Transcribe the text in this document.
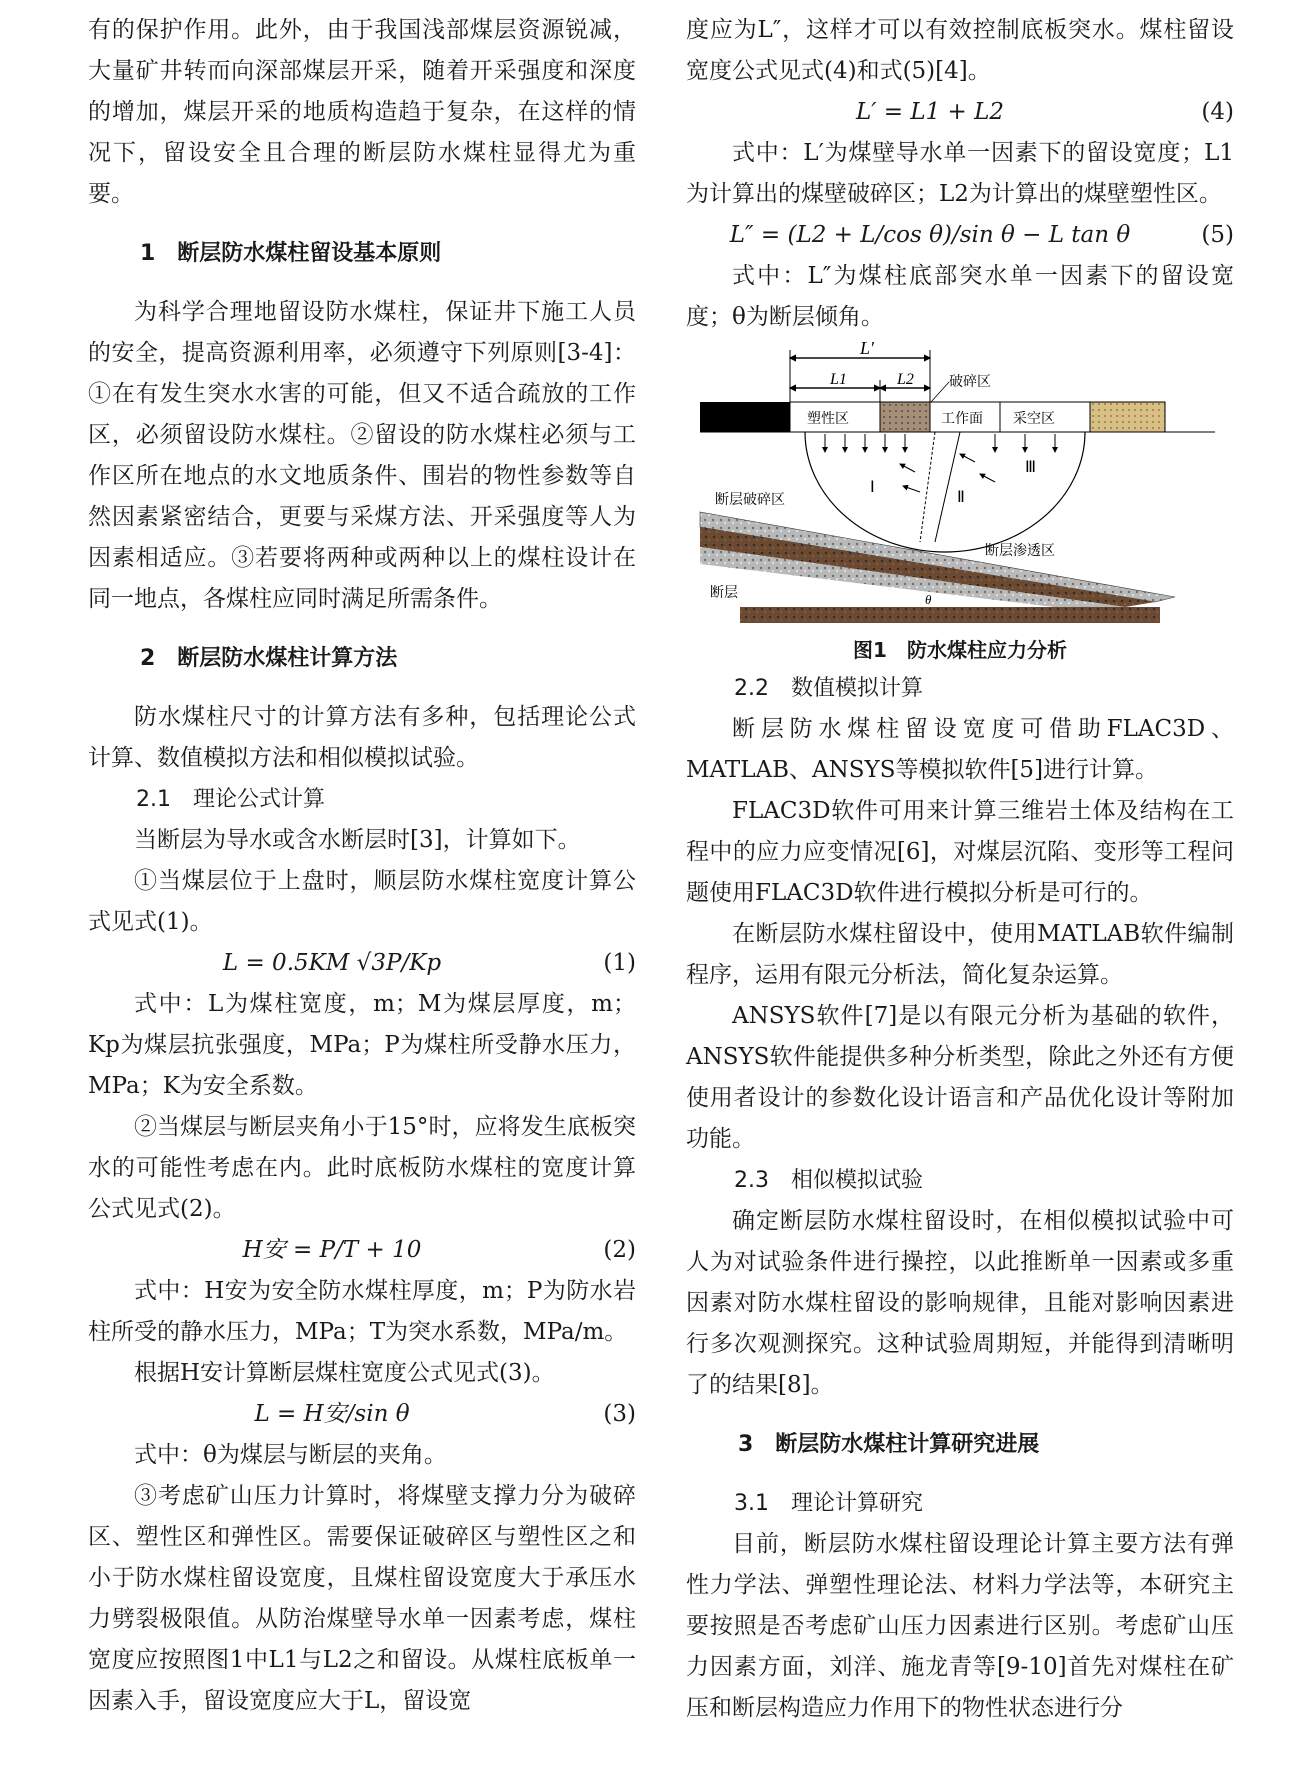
有的保护作用。此外，由于我国浅部煤层资源锐减，大量矿井转而向深部煤层开采，随着开采强度和深度的增加，煤层开采的地质构造趋于复杂，在这样的情况下，留设安全且合理的断层防水煤柱显得尤为重要。

1　断层防水煤柱留设基本原则

为科学合理地留设防水煤柱，保证井下施工人员的安全，提高资源利用率，必须遵守下列原则[3-4]：①在有发生突水水害的可能，但又不适合疏放的工作区，必须留设防水煤柱。②留设的防水煤柱必须与工作区所在地点的水文地质条件、围岩的物性参数等自然因素紧密结合，更要与采煤方法、开采强度等人为因素相适应。③若要将两种或两种以上的煤柱设计在同一地点，各煤柱应同时满足所需条件。

2　断层防水煤柱计算方法

防水煤柱尺寸的计算方法有多种，包括理论公式计算、数值模拟方法和相似模拟试验。

2.1　理论公式计算

当断层为导水或含水断层时[3]，计算如下。

①当煤层位于上盘时，顺层防水煤柱宽度计算公式见式(1)。

L = 0.5KM √3P/Kp	(1)

式中：L为煤柱宽度，m；M为煤层厚度，m；Kp为煤层抗张强度，MPa；P为煤柱所受静水压力，MPa；K为安全系数。

②当煤层与断层夹角小于15°时，应将发生底板突水的可能性考虑在内。此时底板防水煤柱的宽度计算公式见式(2)。

H安 = P/T + 10	(2)

式中：H安为安全防水煤柱厚度，m；P为防水岩柱所受的静水压力，MPa；T为突水系数，MPa/m。

根据H安计算断层煤柱宽度公式见式(3)。

L = H安/sin θ	(3)

式中：θ为煤层与断层的夹角。

③考虑矿山压力计算时，将煤壁支撑力分为破碎区、塑性区和弹性区。需要保证破碎区与塑性区之和小于防水煤柱留设宽度，且煤柱留设宽度大于承压水力劈裂极限值。从防治煤壁导水单一因素考虑，煤柱宽度应按照图1中L1与L2之和留设。从煤柱底板单一因素入手，留设宽度应大于L，留设宽

度应为L″，这样才可以有效控制底板突水。煤柱留设宽度公式见式(4)和式(5)[4]。

L′ = L1 + L2	(4)

式中：L′为煤壁导水单一因素下的留设宽度；L1为计算出的煤壁破碎区；L2为计算出的煤壁塑性区。

L″ = (L2 + L/cos θ)/sin θ − L tan θ	(5)

式中：L″为煤柱底部突水单一因素下的留设宽度；θ为断层倾角。

L′
L1	L2	破碎区
塑性区	工作面 采空区
Ⅰ
Ⅱ
Ⅲ
断层破碎区
断层渗透区
断层	θ
图1　防水煤柱应力分析
2.2　数值模拟计算

断层防水煤柱留设宽度可借助FLAC3D、MATLAB、ANSYS等模拟软件[5]进行计算。

FLAC3D软件可用来计算三维岩土体及结构在工程中的应力应变情况[6]，对煤层沉陷、变形等工程问题使用FLAC3D软件进行模拟分析是可行的。

在断层防水煤柱留设中，使用MATLAB软件编制程序，运用有限元分析法，简化复杂运算。

ANSYS软件[7]是以有限元分析为基础的软件，ANSYS软件能提供多种分析类型，除此之外还有方便使用者设计的参数化设计语言和产品优化设计等附加功能。

2.3　相似模拟试验

确定断层防水煤柱留设时，在相似模拟试验中可人为对试验条件进行操控，以此推断单一因素或多重因素对防水煤柱留设的影响规律，且能对影响因素进行多次观测探究。这种试验周期短，并能得到清晰明了的结果[8]。

3　断层防水煤柱计算研究进展
3.1　理论计算研究

目前，断层防水煤柱留设理论计算主要方法有弹性力学法、弹塑性理论法、材料力学法等，本研究主要按照是否考虑矿山压力因素进行区别。考虑矿山压力因素方面，刘洋、施龙青等[9-10]首先对煤柱在矿压和断层构造应力作用下的物性状态进行分
